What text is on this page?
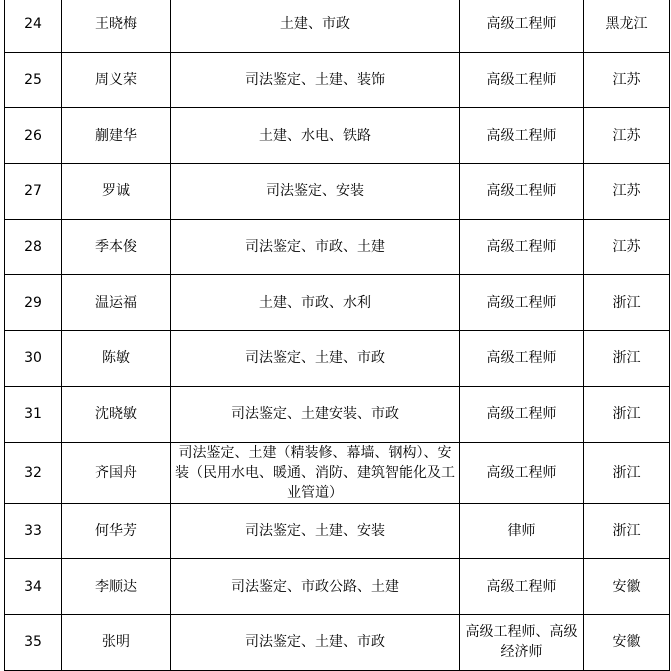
24	王晓梅	土建、市政	高级工程师	黑龙江
25	周义荣	司法鉴定、土建、装饰	高级工程师	江苏
26	蒯建华	土建、水电、铁路	高级工程师	江苏
27	罗诚	司法鉴定、安装	高级工程师	江苏
28	季本俊	司法鉴定、市政、土建	高级工程师	江苏
29	温运福	土建、市政、水利	高级工程师	浙江
30	陈敏	司法鉴定、土建、市政	高级工程师	浙江
31	沈晓敏	司法鉴定、土建安装、市政	高级工程师	浙江
32	齐国舟	司法鉴定、土建（精装修、幕墙、钢构）、安装（民用水电、暖通、消防、建筑智能化及工业管道）	高级工程师	浙江
33	何华芳	司法鉴定、土建、安装	律师	浙江
34	李顺达	司法鉴定、市政公路、土建	高级工程师	安徽
35	张明	司法鉴定、土建、市政	高级工程师、高级经济师	安徽
